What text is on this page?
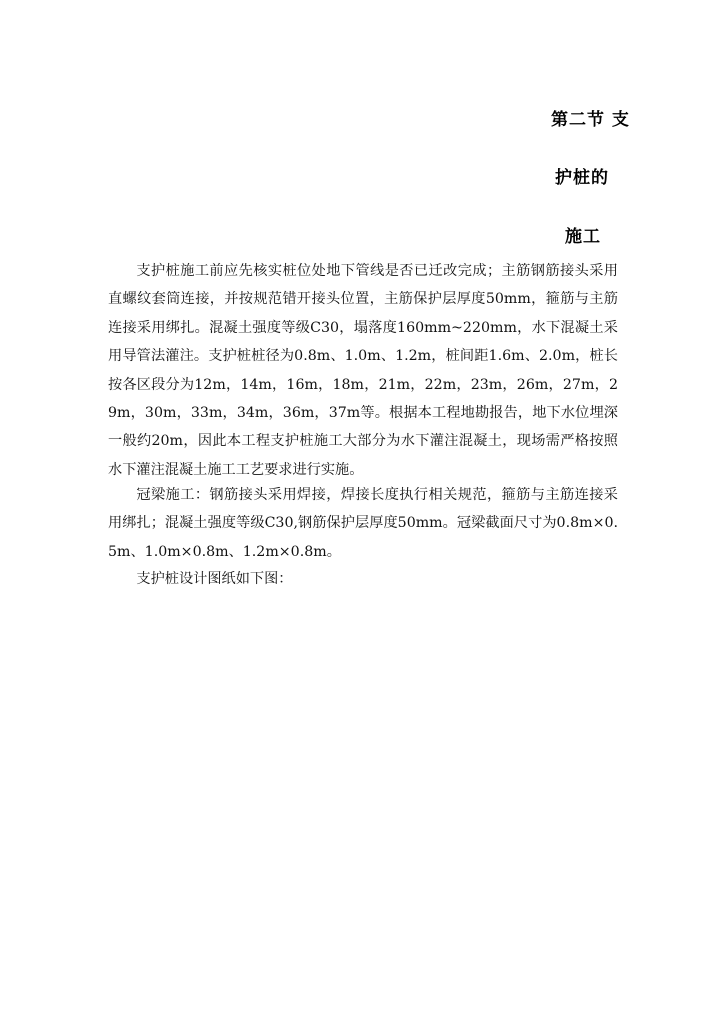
第二节 支
护桩的
施工

支护桩施工前应先核实桩位处地下管线是否已迁改完成；主筋钢筋接头采用直螺纹套筒连接，并按规范错开接头位置，主筋保护层厚度50mm，箍筋与主筋连接采用绑扎。混凝土强度等级C30，塌落度160mm~220mm，水下混凝土采用导管法灌注。支护桩桩径为0.8m、1.0m、1.2m，桩间距1.6m、2.0m，桩长按各区段分为12m，14m，16m，18m，21m，22m，23m，26m，27m，29m，30m，33m，34m，36m，37m等。根据本工程地勘报告，地下水位埋深一般约20m，因此本工程支护桩施工大部分为水下灌注混凝土，现场需严格按照水下灌注混凝土施工工艺要求进行实施。

冠梁施工：钢筋接头采用焊接，焊接长度执行相关规范，箍筋与主筋连接采用绑扎；混凝土强度等级C30,钢筋保护层厚度50mm。冠梁截面尺寸为0.8m×0.5m、1.0m×0.8m、1.2m×0.8m。

支护桩设计图纸如下图：
